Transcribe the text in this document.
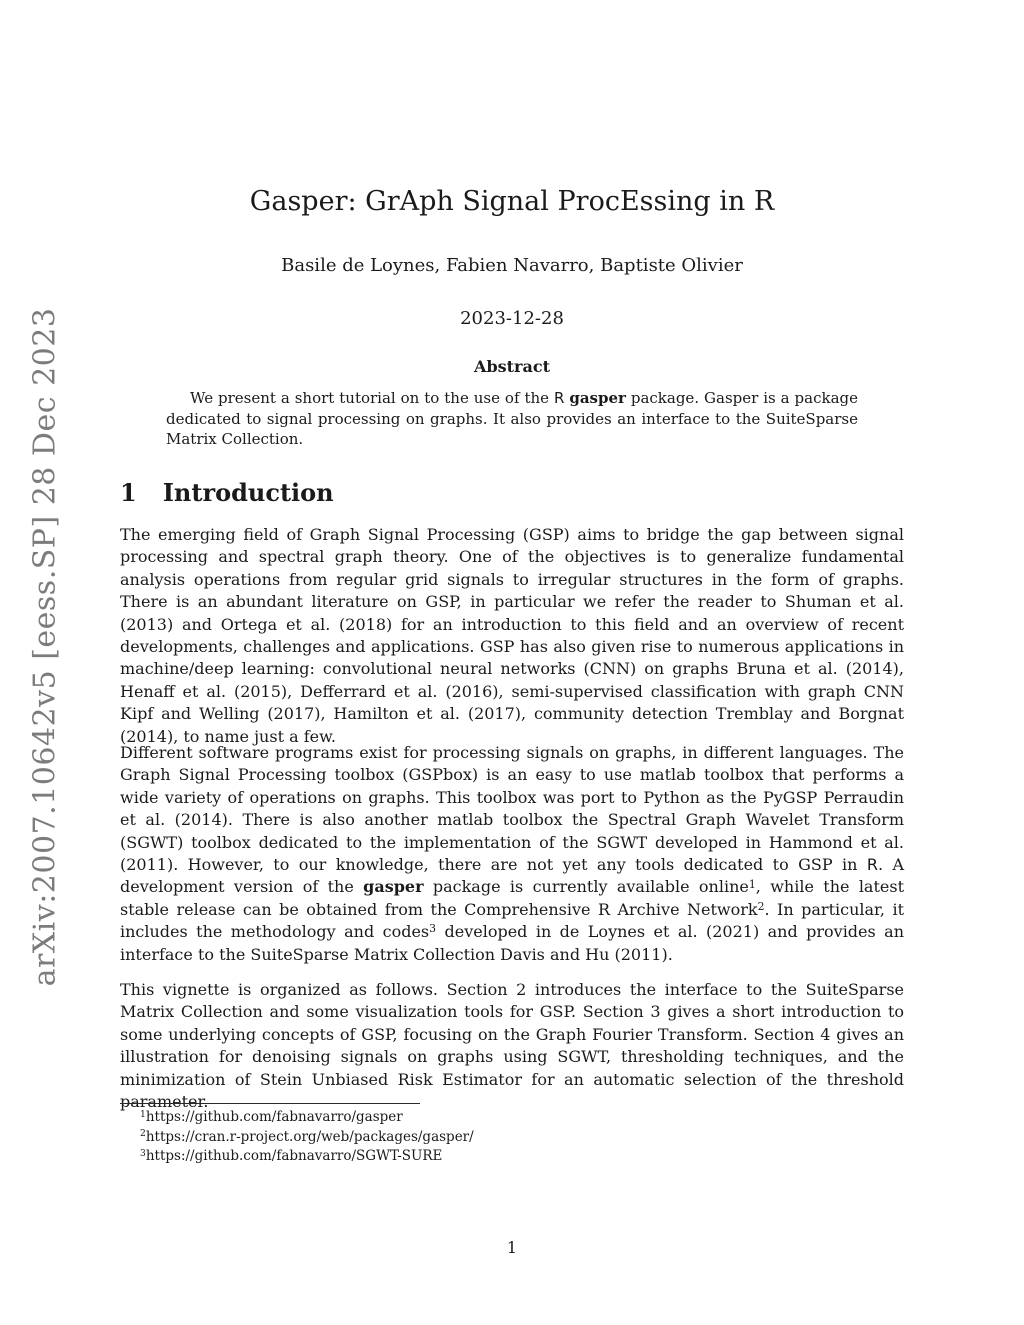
arXiv:2007.10642v5 [eess.SP] 28 Dec 2023
Gasper: GrAph Signal ProcEssing in R
Basile de Loynes, Fabien Navarro, Baptiste Olivier
2023-12-28
Abstract
We present a short tutorial on to the use of the R gasper package. Gasper is a package dedicated to signal processing on graphs. It also provides an interface to the SuiteSparse Matrix Collection.
1 Introduction
The emerging field of Graph Signal Processing (GSP) aims to bridge the gap between signal processing and spectral graph theory. One of the objectives is to generalize fundamental analysis operations from regular grid signals to irregular structures in the form of graphs. There is an abundant literature on GSP, in particular we refer the reader to Shuman et al. (2013) and Ortega et al. (2018) for an introduction to this field and an overview of recent developments, challenges and applications. GSP has also given rise to numerous applications in machine/deep learning: convolutional neural networks (CNN) on graphs Bruna et al. (2014), Henaff et al. (2015), Defferrard et al. (2016), semi-supervised classification with graph CNN Kipf and Welling (2017), Hamilton et al. (2017), community detection Tremblay and Borgnat (2014), to name just a few.
Different software programs exist for processing signals on graphs, in different languages. The Graph Signal Processing toolbox (GSPbox) is an easy to use matlab toolbox that performs a wide variety of operations on graphs. This toolbox was port to Python as the PyGSP Perraudin et al. (2014). There is also another matlab toolbox the Spectral Graph Wavelet Transform (SGWT) toolbox dedicated to the implementation of the SGWT developed in Hammond et al. (2011). However, to our knowledge, there are not yet any tools dedicated to GSP in R. A development version of the gasper package is currently available online$^1$, while the latest stable release can be obtained from the Comprehensive R Archive Network$^2$. In particular, it includes the methodology and codes$^3$ developed in de Loynes et al. (2021) and provides an interface to the SuiteSparse Matrix Collection Davis and Hu (2011).
This vignette is organized as follows. Section 2 introduces the interface to the SuiteSparse Matrix Collection and some visualization tools for GSP. Section 3 gives a short introduction to some underlying concepts of GSP, focusing on the Graph Fourier Transform. Section 4 gives an illustration for denoising signals on graphs using SGWT, thresholding techniques, and the minimization of Stein Unbiased Risk Estimator for an automatic selection of the threshold parameter.
$^1$https://github.com/fabnavarro/gasper
$^2$https://cran.r-project.org/web/packages/gasper/
$^3$https://github.com/fabnavarro/SGWT-SURE
1
